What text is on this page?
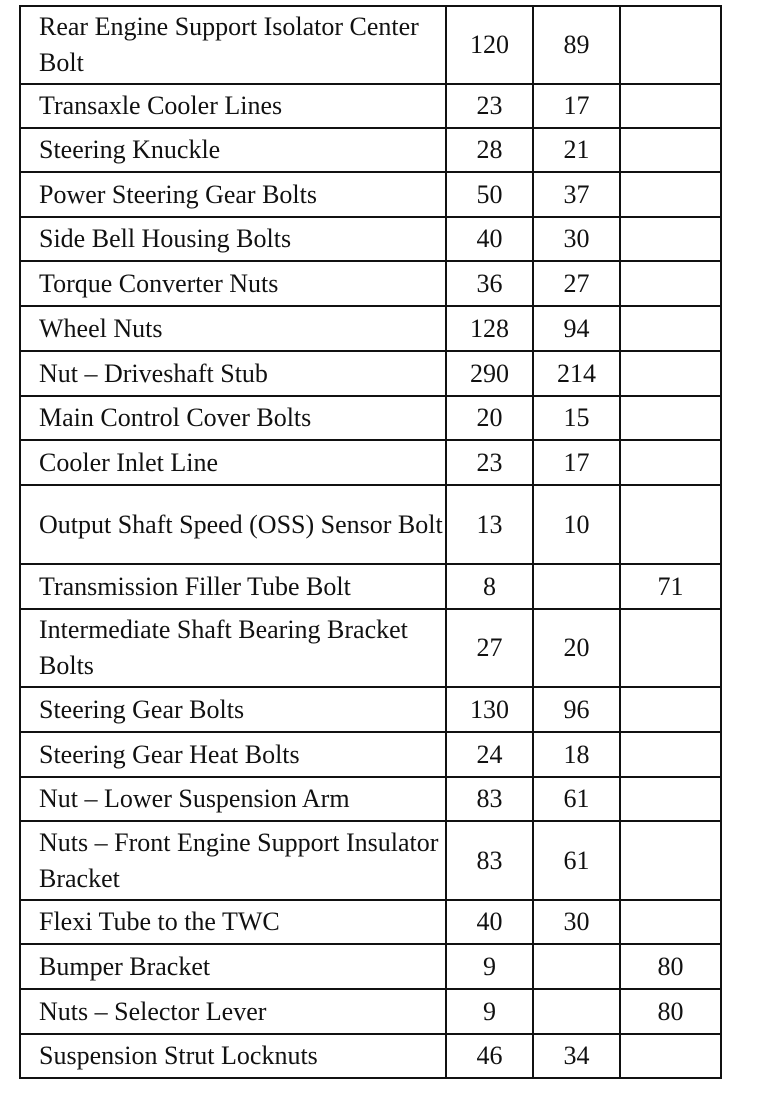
Rear Engine Support Isolator Center Bolt	120	89	
Transaxle Cooler Lines	23	17	
Steering Knuckle	28	21	
Power Steering Gear Bolts	50	37	
Side Bell Housing Bolts	40	30	
Torque Converter Nuts	36	27	
Wheel Nuts	128	94	
Nut – Driveshaft Stub	290	214	
Main Control Cover Bolts	20	15	
Cooler Inlet Line	23	17	
Output Shaft Speed (OSS) Sensor Bolt	13	10	
Transmission Filler Tube Bolt	8		71
Intermediate Shaft Bearing Bracket Bolts	27	20	
Steering Gear Bolts	130	96	
Steering Gear Heat Bolts	24	18	
Nut – Lower Suspension Arm	83	61	
Nuts – Front Engine Support Insulator Bracket	83	61	
Flexi Tube to the TWC	40	30	
Bumper Bracket	9		80
Nuts – Selector Lever	9		80
Suspension Strut Locknuts	46	34	
